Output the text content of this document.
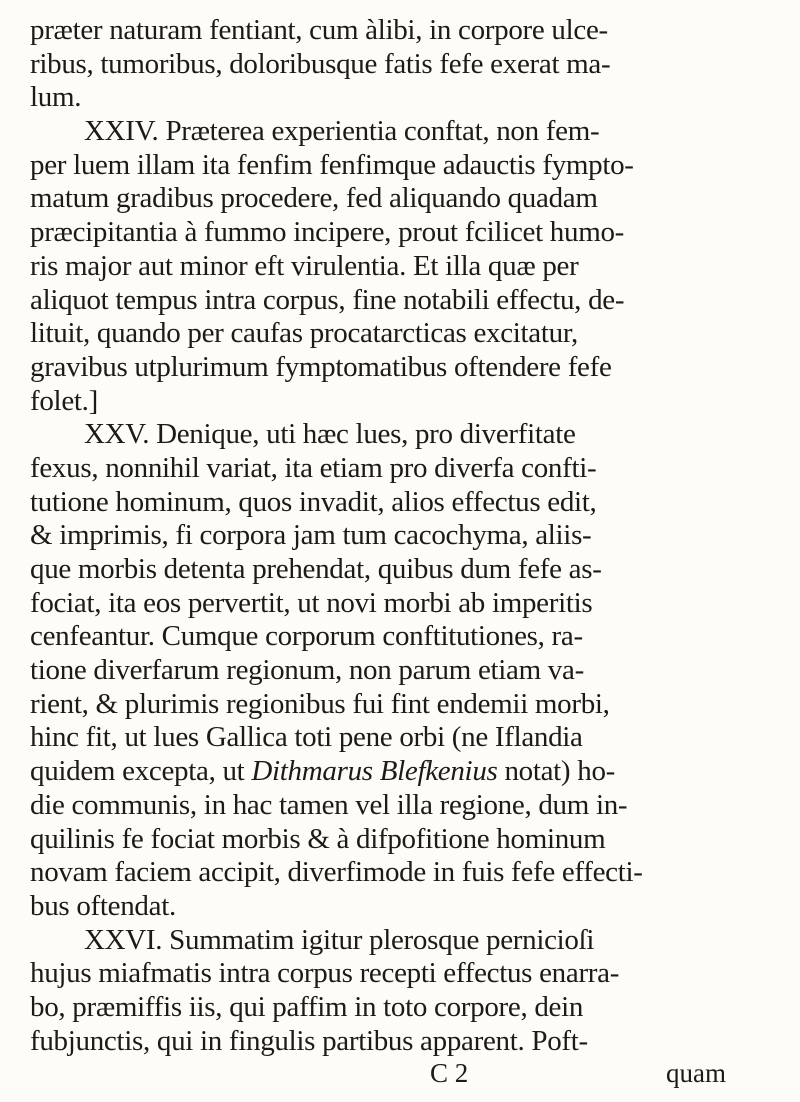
præter naturam fentiant, cum àlibi, in corpore ulce-
ribus, tumoribus, doloribusque fatis fefe exerat ma-
lum.
XXIV. Præterea experientia conftat, non fem-
per luem illam ita fenfim fenfimque adauctis fympto-
matum gradibus procedere, fed aliquando quadam
præcipitantia à fummo incipere, prout fcilicet humo-
ris major aut minor eft virulentia. Et illa quæ per
aliquot tempus intra corpus, fine notabili effectu, de-
lituit, quando per caufas procatarcticas excitatur,
gravibus utplurimum fymptomatibus oftendere fefe
folet.]
XXV. Denique, uti hæc lues, pro diverfitate
fexus, nonnihil variat, ita etiam pro diverfa confti-
tutione hominum, quos invadit, alios effectus edit,
& imprimis, fi corpora jam tum cacochyma, aliis-
que morbis detenta prehendat, quibus dum fefe as-
fociat, ita eos pervertit, ut novi morbi ab imperitis
cenfeantur. Cumque corporum conftitutiones, ra-
tione diverfarum regionum, non parum etiam va-
rient, & plurimis regionibus fui fint endemii morbi,
hinc fit, ut lues Gallica toti pene orbi (ne Iflandia
quidem excepta, ut Dithmarus Blefkenius notat) ho-
die communis, in hac tamen vel illa regione, dum in-
quilinis fe fociat morbis & à difpofitione hominum
novam faciem accipit, diverfimode in fuis fefe effecti-
bus oftendat.
XXVI. Summatim igitur plerosque pernicioſi
hujus miafmatis intra corpus recepti effectus enarra-
bo, præmiffis iis, qui paffim in toto corpore, dein
fubjunctis, qui in fingulis partibus apparent. Poft-
C 2	quam
